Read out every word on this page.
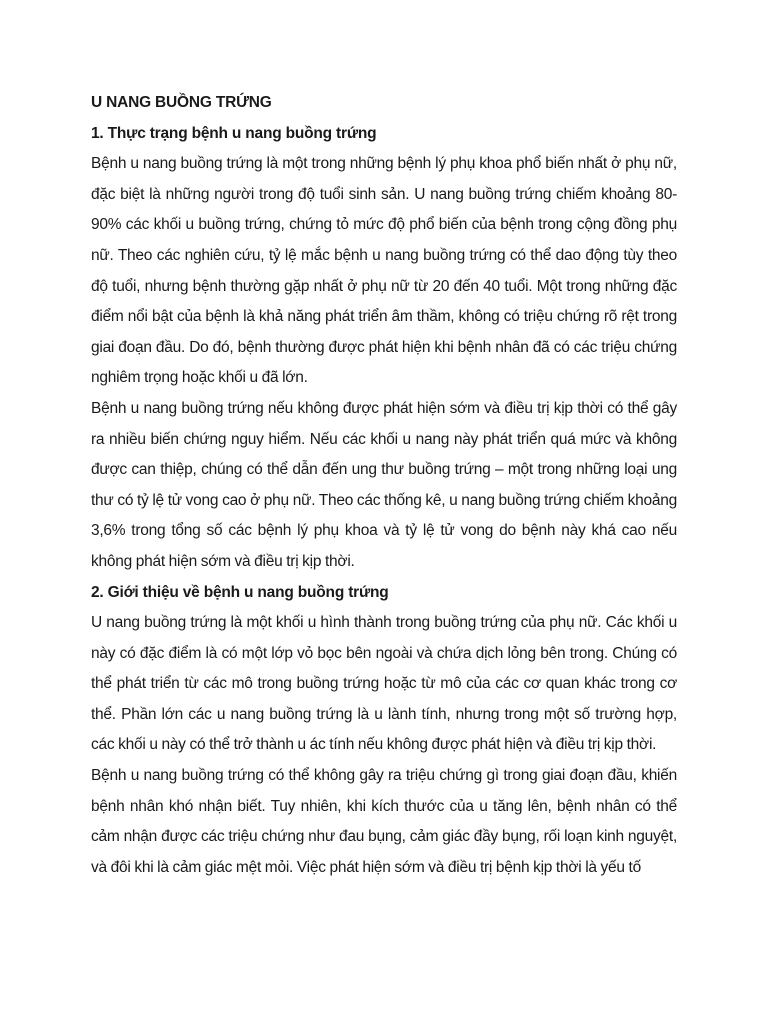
U NANG BUỒNG TRỨNG

1. Thực trạng bệnh u nang buồng trứng

Bệnh u nang buồng trứng là một trong những bệnh lý phụ khoa phổ biến nhất ở phụ nữ, đặc biệt là những người trong độ tuổi sinh sản. U nang buồng trứng chiếm khoảng 80-90% các khối u buồng trứng, chứng tỏ mức độ phổ biến của bệnh trong cộng đồng phụ nữ. Theo các nghiên cứu, tỷ lệ mắc bệnh u nang buồng trứng có thể dao động tùy theo độ tuổi, nhưng bệnh thường gặp nhất ở phụ nữ từ 20 đến 40 tuổi. Một trong những đặc điểm nổi bật của bệnh là khả năng phát triển âm thầm, không có triệu chứng rõ rệt trong giai đoạn đầu. Do đó, bệnh thường được phát hiện khi bệnh nhân đã có các triệu chứng nghiêm trọng hoặc khối u đã lớn.

Bệnh u nang buồng trứng nếu không được phát hiện sớm và điều trị kịp thời có thể gây ra nhiều biến chứng nguy hiểm. Nếu các khối u nang này phát triển quá mức và không được can thiệp, chúng có thể dẫn đến ung thư buồng trứng – một trong những loại ung thư có tỷ lệ tử vong cao ở phụ nữ. Theo các thống kê, u nang buồng trứng chiếm khoảng 3,6% trong tổng số các bệnh lý phụ khoa và tỷ lệ tử vong do bệnh này khá cao nếu không phát hiện sớm và điều trị kịp thời.

2. Giới thiệu về bệnh u nang buồng trứng

U nang buồng trứng là một khối u hình thành trong buồng trứng của phụ nữ. Các khối u này có đặc điểm là có một lớp vỏ bọc bên ngoài và chứa dịch lỏng bên trong. Chúng có thể phát triển từ các mô trong buồng trứng hoặc từ mô của các cơ quan khác trong cơ thể. Phần lớn các u nang buồng trứng là u lành tính, nhưng trong một số trường hợp, các khối u này có thể trở thành u ác tính nếu không được phát hiện và điều trị kịp thời.

Bệnh u nang buồng trứng có thể không gây ra triệu chứng gì trong giai đoạn đầu, khiến bệnh nhân khó nhận biết. Tuy nhiên, khi kích thước của u tăng lên, bệnh nhân có thể cảm nhận được các triệu chứng như đau bụng, cảm giác đầy bụng, rối loạn kinh nguyệt, và đôi khi là cảm giác mệt mỏi. Việc phát hiện sớm và điều trị bệnh kịp thời là yếu tố
